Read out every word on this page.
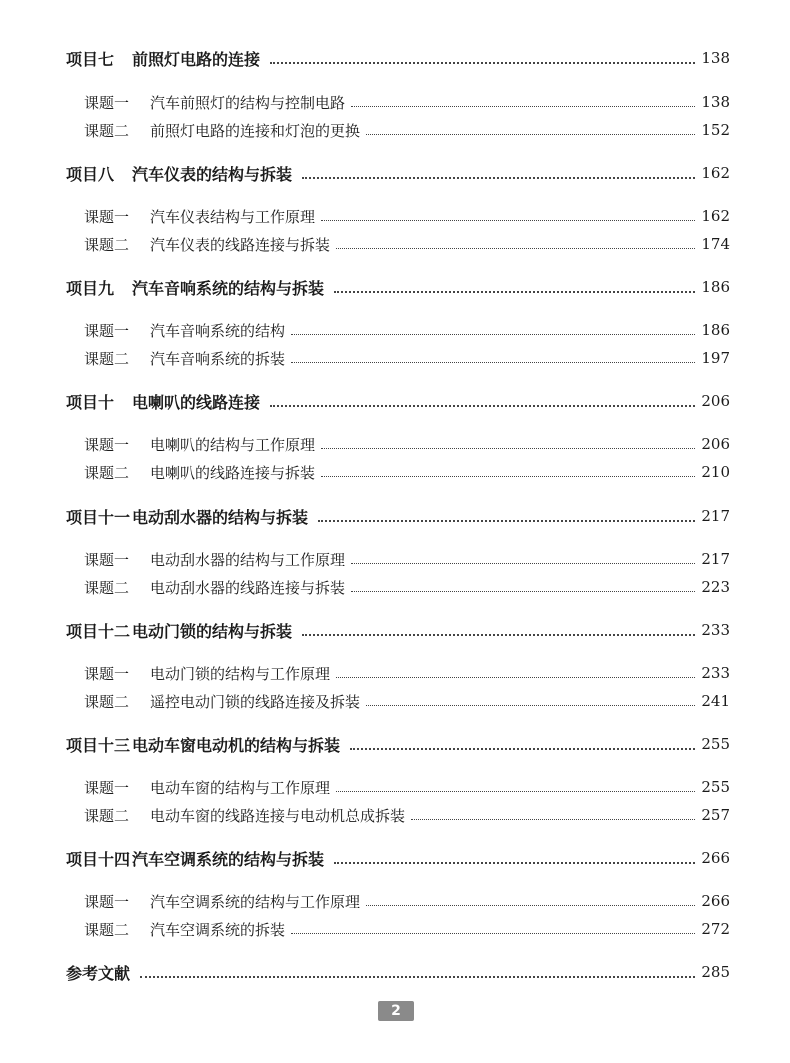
项目七	前照灯电路的连接	138
课题一	汽车前照灯的结构与控制电路	138
课题二	前照灯电路的连接和灯泡的更换	152
项目八	汽车仪表的结构与拆装	162
课题一	汽车仪表结构与工作原理	162
课题二	汽车仪表的线路连接与拆装	174
项目九	汽车音响系统的结构与拆装	186
课题一	汽车音响系统的结构	186
课题二	汽车音响系统的拆装	197
项目十	电喇叭的线路连接	206
课题一	电喇叭的结构与工作原理	206
课题二	电喇叭的线路连接与拆装	210
项目十一 电动刮水器的结构与拆装	217
课题一	电动刮水器的结构与工作原理	217
课题二	电动刮水器的线路连接与拆装	223
项目十二 电动门锁的结构与拆装	233
课题一	电动门锁的结构与工作原理	233
课题二	遥控电动门锁的线路连接及拆装	241
项目十三 电动车窗电动机的结构与拆装	255
课题一	电动车窗的结构与工作原理	255
课题二	电动车窗的线路连接与电动机总成拆装	257
项目十四 汽车空调系统的结构与拆装	266
课题一	汽车空调系统的结构与工作原理	266
课题二	汽车空调系统的拆装	272
参考文献	285
2
